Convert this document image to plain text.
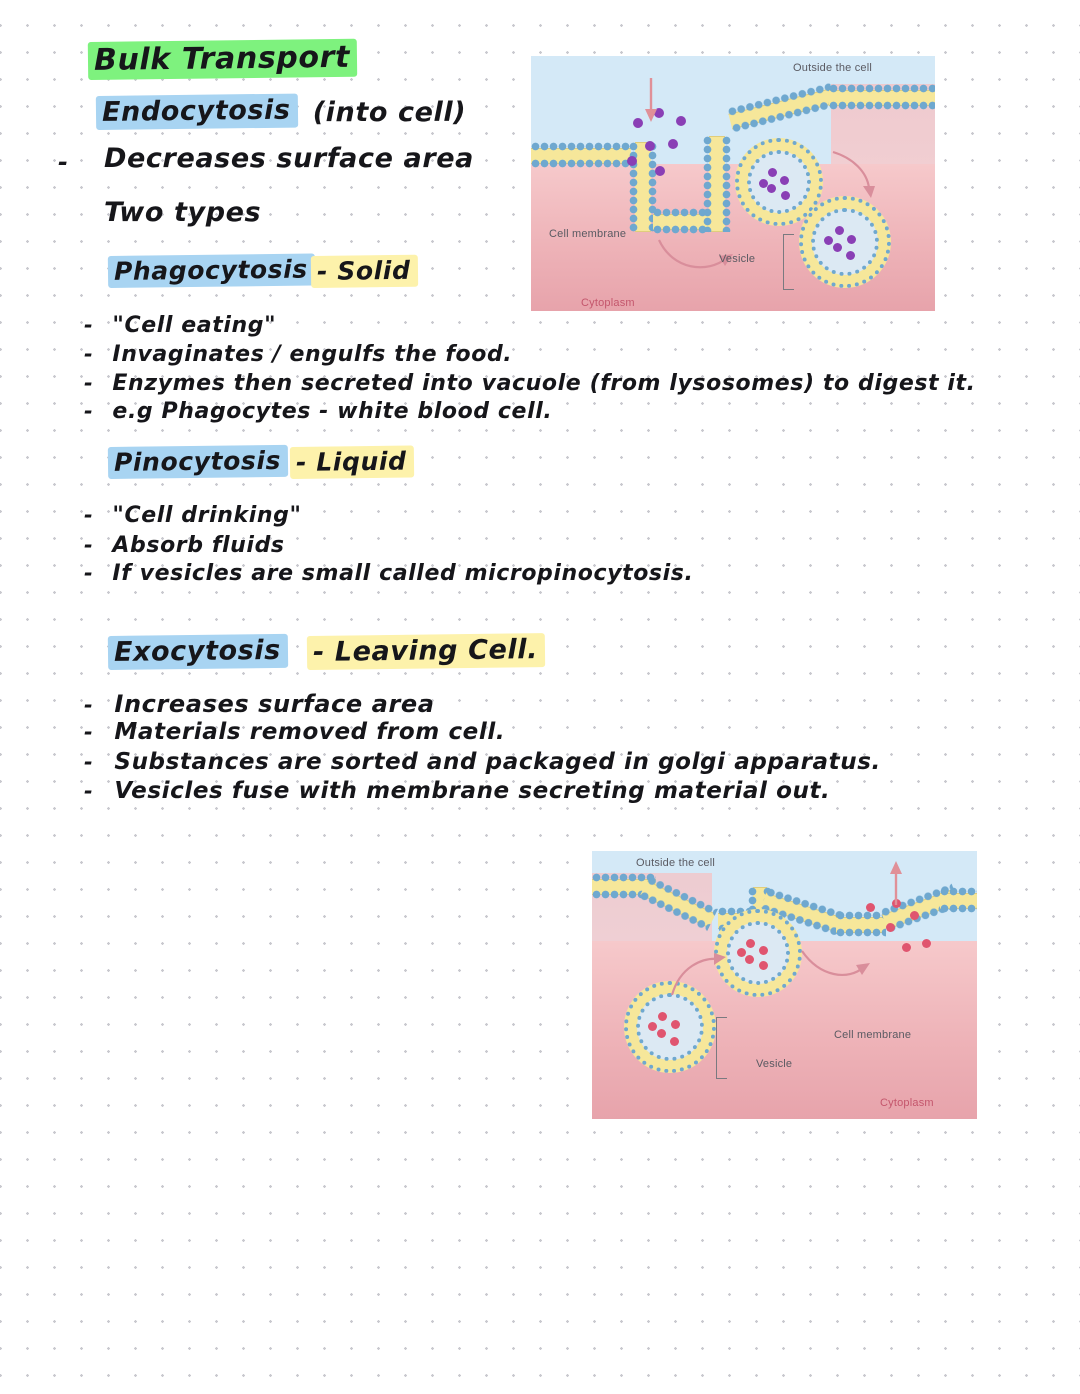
Bulk Transport
Endocytosis (into cell)
- Decreases surface area
Two types
Phagocytosis - Solid
- "Cell eating"
- Invaginates / engulfs the food.
- Enzymes then secreted into vacuole (from lysosomes) to digest it.
- e.g Phagocytes - white blood cell.
Pinocytosis - Liquid
- "Cell drinking"
- Absorb fluids
- If vesicles are small called micropinocytosis.
Exocytosis - Leaving Cell.
- Increases surface area
- Materials removed from cell.
- Substances are sorted and packaged in golgi apparatus.
- Vesicles fuse with membrane secreting material out.
Outside the cell
Cell membrane
Vesicle
Cytoplasm
Outside the cell
Cell membrane
Vesicle
Cytoplasm
